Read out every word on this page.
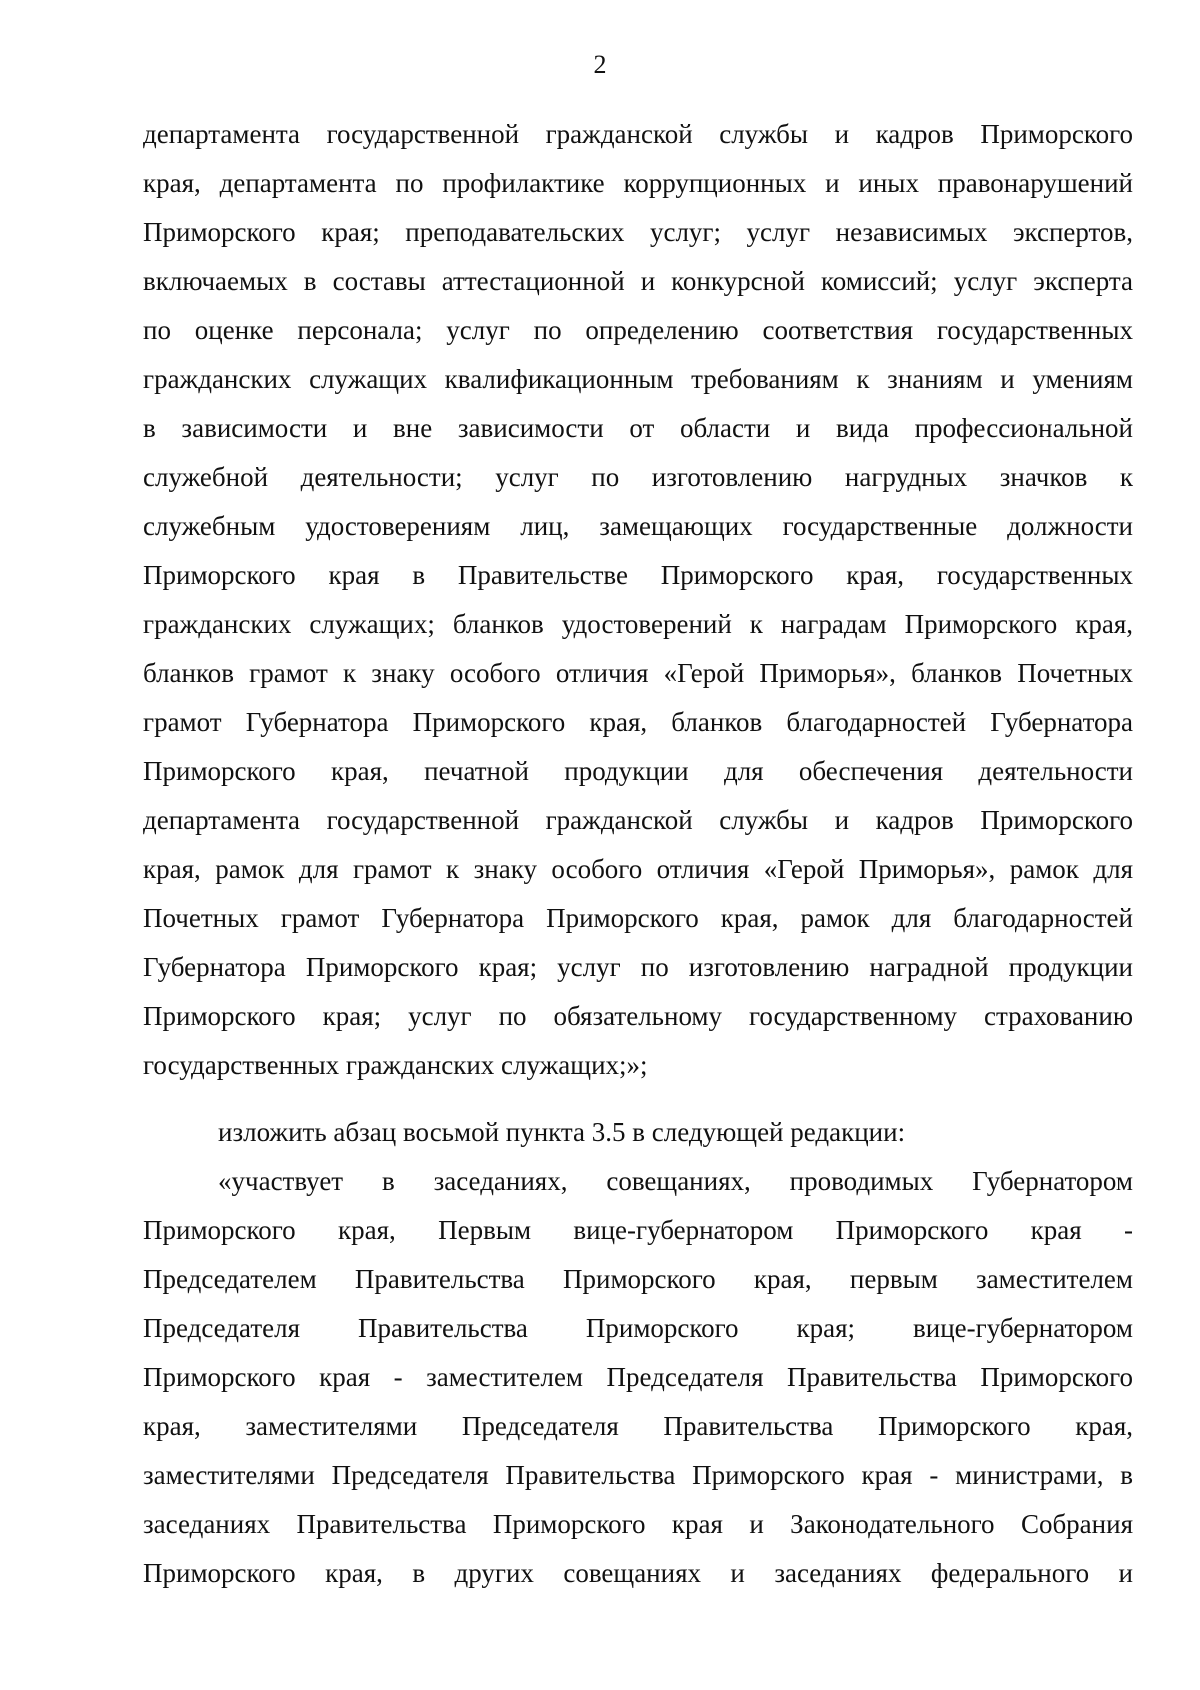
2
департамента государственной гражданской службы и кадров Приморского
края, департамента по профилактике коррупционных и иных правонарушений
Приморского края; преподавательских услуг; услуг независимых экспертов,
включаемых в составы аттестационной и конкурсной комиссий; услуг эксперта
по оценке персонала; услуг по определению соответствия государственных
гражданских служащих квалификационным требованиям к знаниям и умениям
в зависимости и вне зависимости от области и вида профессиональной
служебной деятельности; услуг по изготовлению нагрудных значков к
служебным удостоверениям лиц, замещающих государственные должности
Приморского края в Правительстве Приморского края, государственных
гражданских служащих; бланков удостоверений к наградам Приморского края,
бланков грамот к знаку особого отличия «Герой Приморья», бланков Почетных
грамот Губернатора Приморского края, бланков благодарностей Губернатора
Приморского края, печатной продукции для обеспечения деятельности
департамента государственной гражданской службы и кадров Приморского
края, рамок для грамот к знаку особого отличия «Герой Приморья», рамок для
Почетных грамот Губернатора Приморского края, рамок для благодарностей
Губернатора Приморского края; услуг по изготовлению наградной продукции
Приморского края; услуг по обязательному государственному страхованию
государственных гражданских служащих;»;
изложить абзац восьмой пункта 3.5 в следующей редакции:
«участвует в заседаниях, совещаниях, проводимых Губернатором
Приморского края, Первым вице-губернатором Приморского края -
Председателем Правительства Приморского края, первым заместителем
Председателя Правительства Приморского края; вице-губернатором
Приморского края - заместителем Председателя Правительства Приморского
края, заместителями Председателя Правительства Приморского края,
заместителями Председателя Правительства Приморского края - министрами, в
заседаниях Правительства Приморского края и Законодательного Собрания
Приморского края, в других совещаниях и заседаниях федерального и
